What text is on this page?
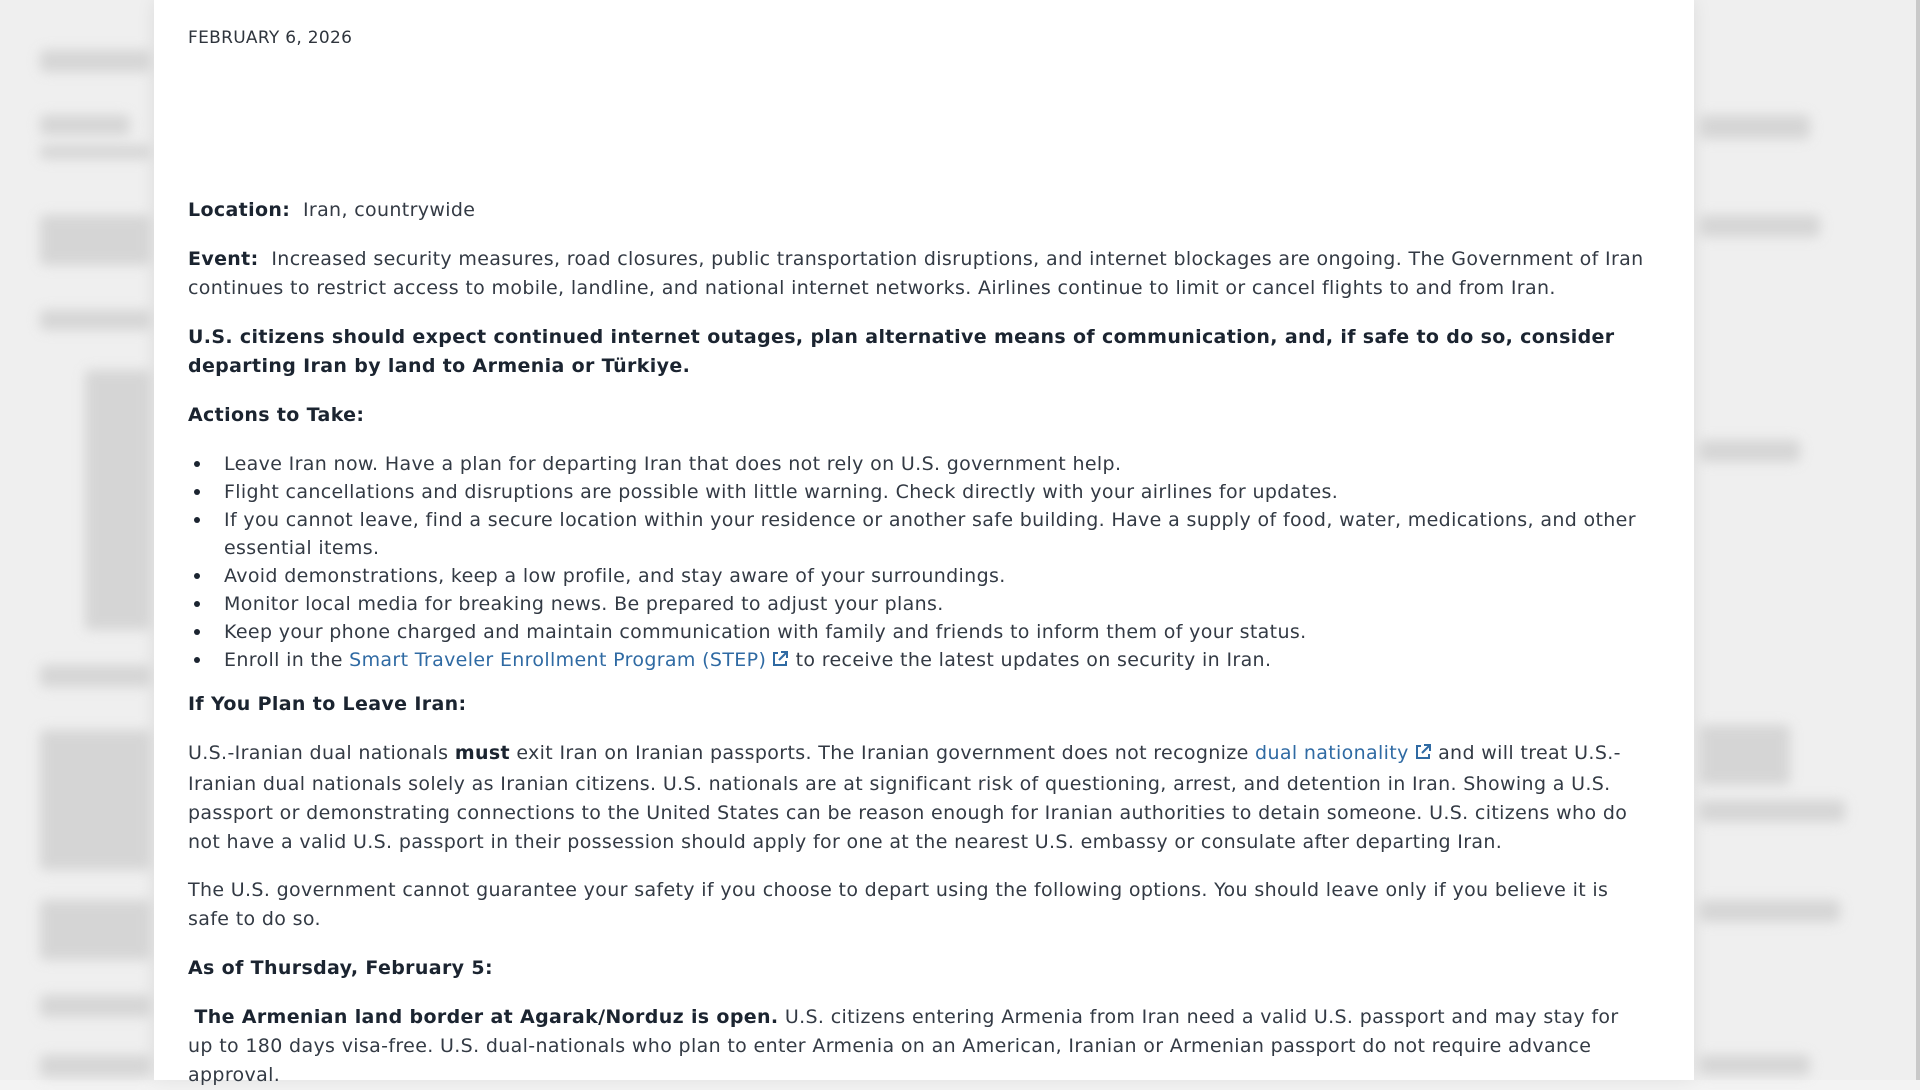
FEBRUARY 6, 2026

Location: Iran, countrywide

Event: Increased security measures, road closures, public transportation disruptions, and internet blockages are ongoing. The Government of Iran continues to restrict access to mobile, landline, and national internet networks. Airlines continue to limit or cancel flights to and from Iran.

U.S. citizens should expect continued internet outages, plan alternative means of communication, and, if safe to do so, consider departing Iran by land to Armenia or Türkiye.

Actions to Take:

Leave Iran now. Have a plan for departing Iran that does not rely on U.S. government help.
Flight cancellations and disruptions are possible with little warning. Check directly with your airlines for updates.
If you cannot leave, find a secure location within your residence or another safe building. Have a supply of food, water, medications, and other essential items.
Avoid demonstrations, keep a low profile, and stay aware of your surroundings.
Monitor local media for breaking news. Be prepared to adjust your plans.
Keep your phone charged and maintain communication with family and friends to inform them of your status.
Enroll in the Smart Traveler Enrollment Program (STEP) to receive the latest updates on security in Iran.

If You Plan to Leave Iran:

U.S.-Iranian dual nationals must exit Iran on Iranian passports. The Iranian government does not recognize dual nationality and will treat U.S.-Iranian dual nationals solely as Iranian citizens. U.S. nationals are at significant risk of questioning, arrest, and detention in Iran. Showing a U.S. passport or demonstrating connections to the United States can be reason enough for Iranian authorities to detain someone. U.S. citizens who do not have a valid U.S. passport in their possession should apply for one at the nearest U.S. embassy or consulate after departing Iran.

The U.S. government cannot guarantee your safety if you choose to depart using the following options. You should leave only if you believe it is safe to do so.

As of Thursday, February 5:

The Armenian land border at Agarak/Norduz is open. U.S. citizens entering Armenia from Iran need a valid U.S. passport and may stay for up to 180 days visa-free. U.S. dual-nationals who plan to enter Armenia on an American, Iranian or Armenian passport do not require advance approval.
